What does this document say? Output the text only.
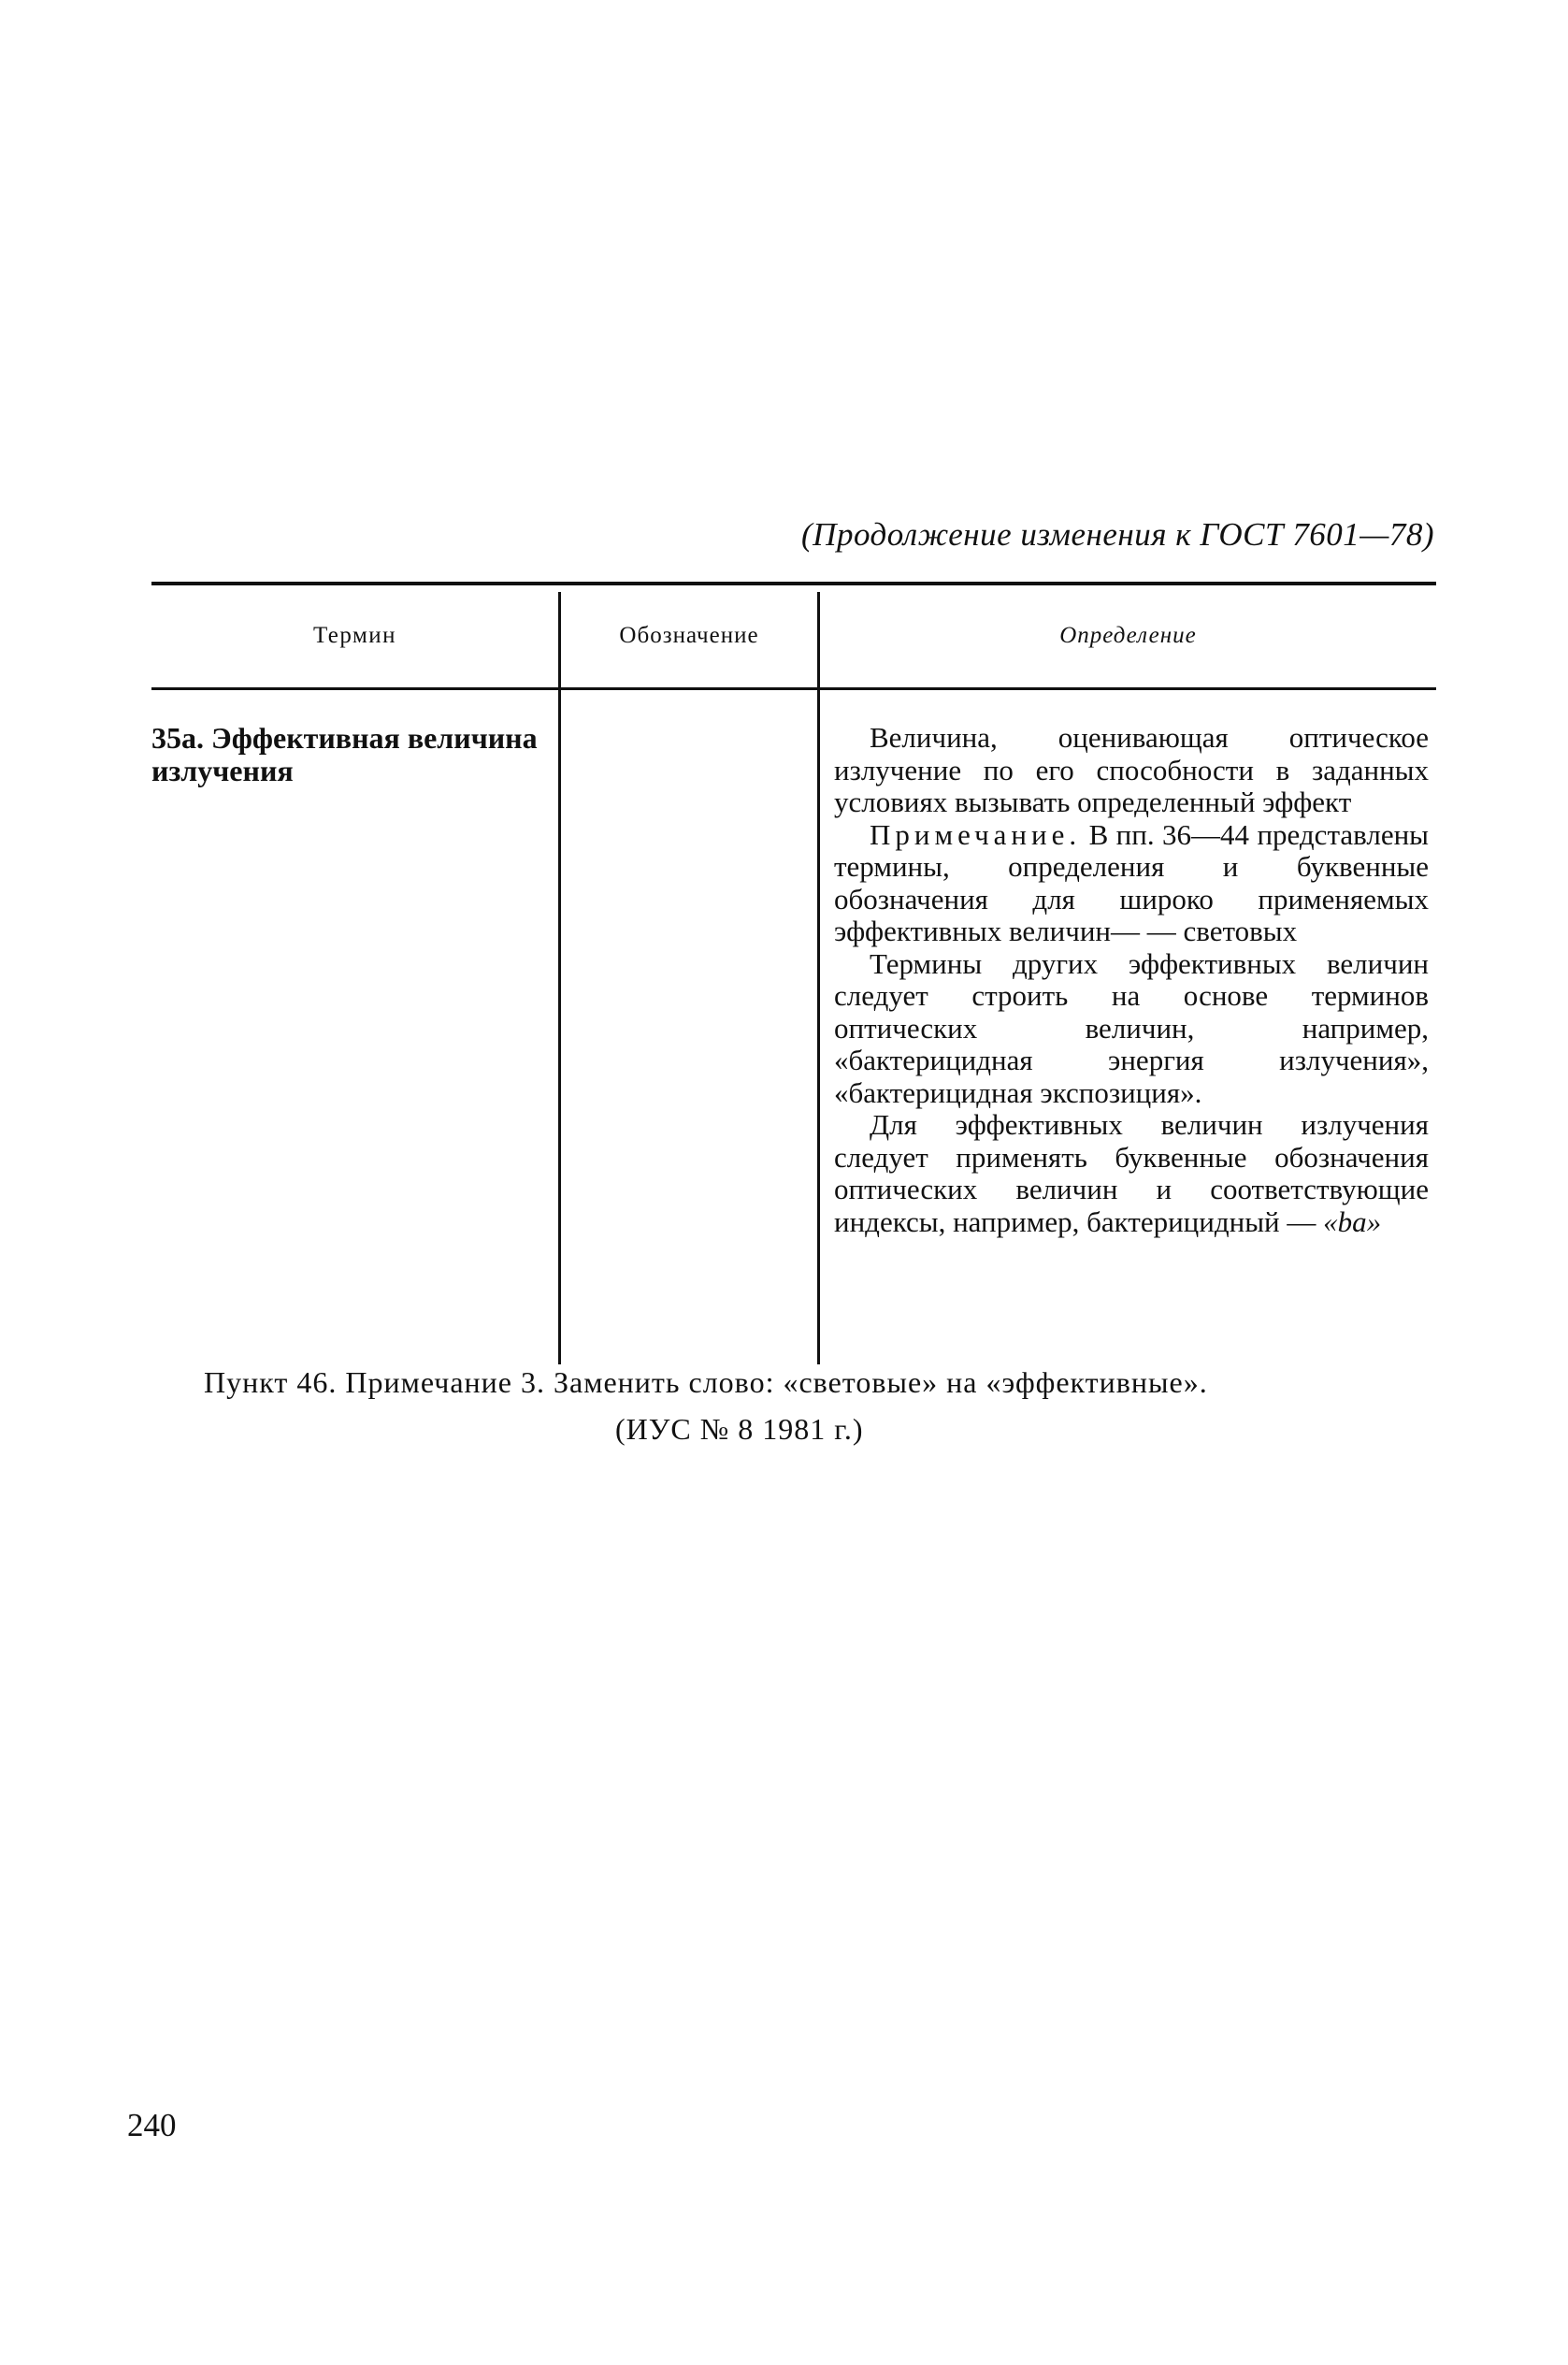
(Продолжение изменения к ГОСТ 7601—78)
Термин	Обозначение	Определение
35а. Эффективная величина излучения

Величина, оценивающая оптическое излучение по его способности в заданных условиях вызывать определенный эффект

Примечание. В пп. 36—44 представлены термины, определения и буквенные обозначения для широко применяемых эффективных величин— — световых

Термины других эффективных величин следует строить на основе терминов оптических величин, например, «бактерицидная энергия излучения», «бактерицидная экспозиция».

Для эффективных величин излучения следует применять буквенные обозначения оптических величин и соответствующие индексы, например, бактерицидный — «bа»

Пункт 46. Примечание 3. Заменить слово: «световые» на «эффективные».
(ИУС № 8 1981 г.)
240
